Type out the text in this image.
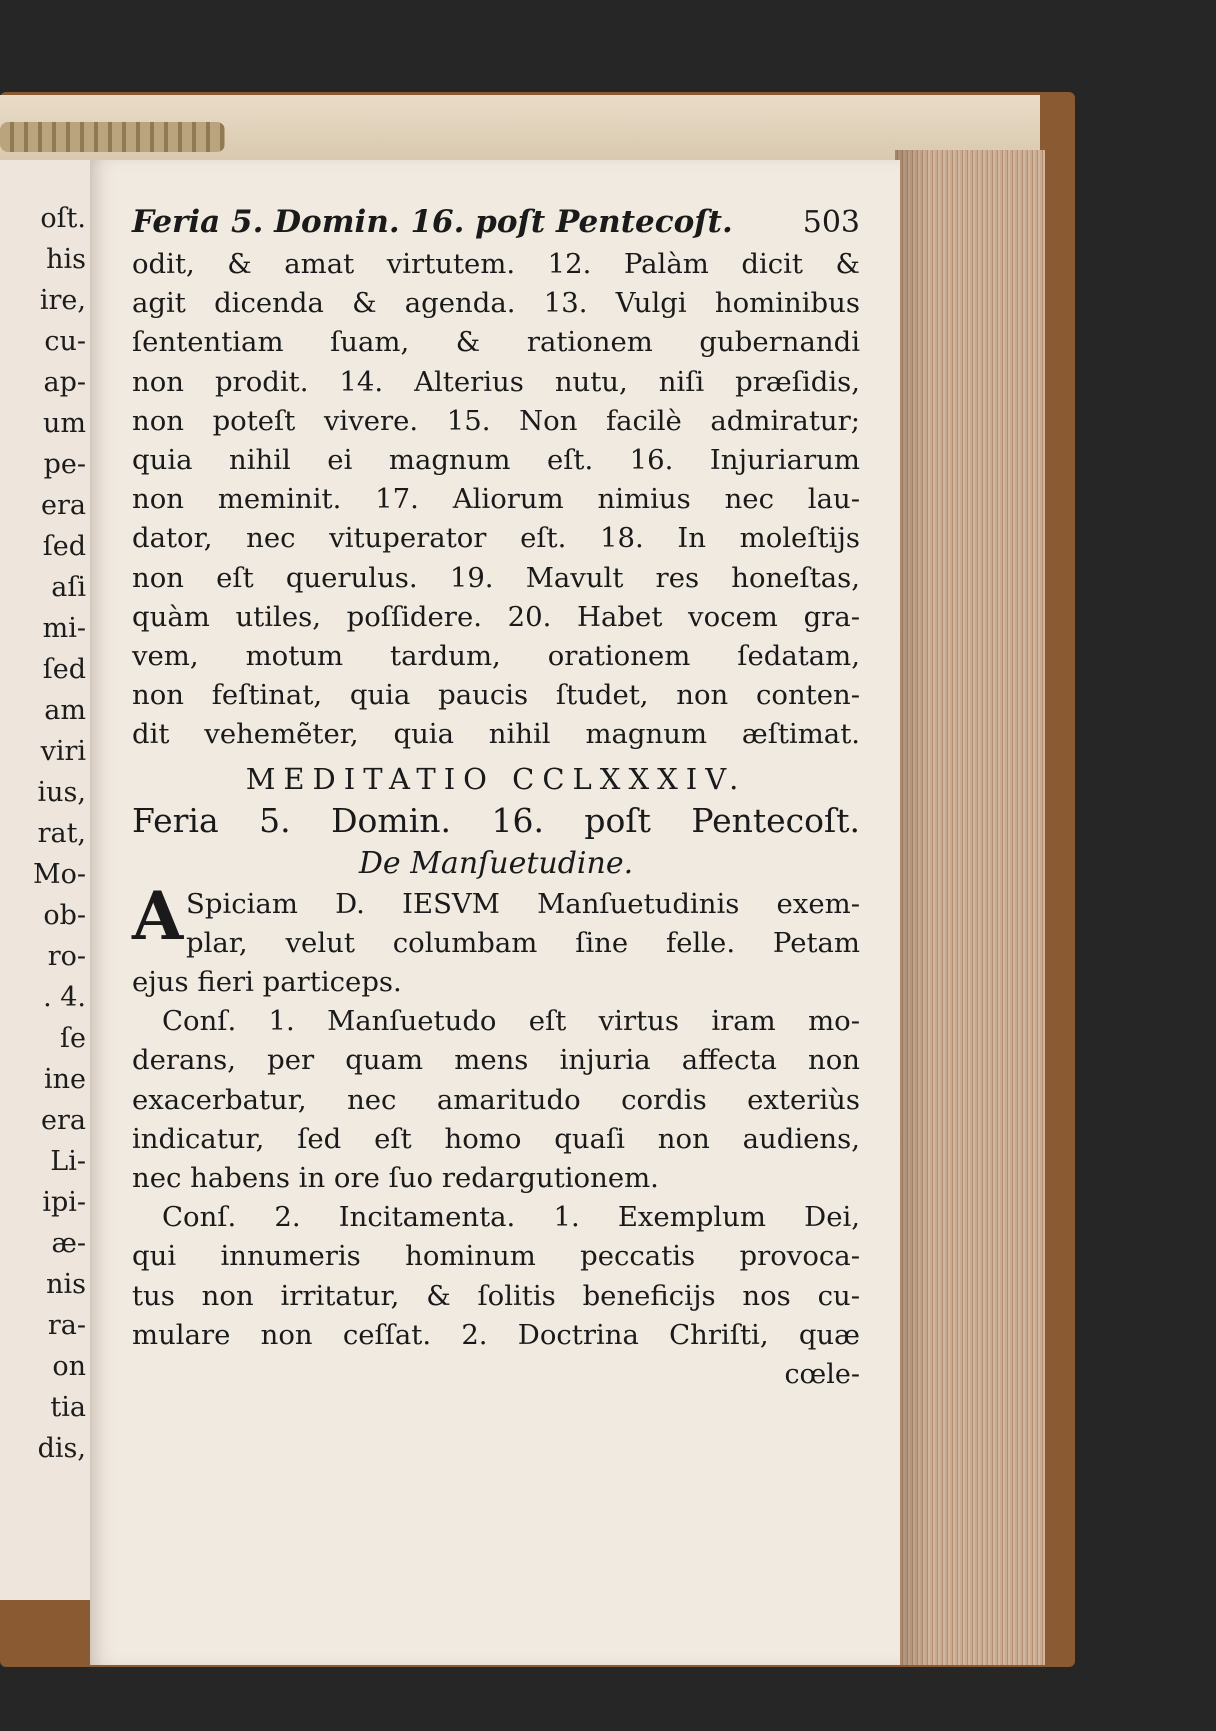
oſt.
his
ire,
cu-
ap-
um
pe-
era
ſed
aſi
mi-
ſed
am
viri
ius,
rat,
Mo-
ob-
ro-
. 4.
ſe
ine
era
Li-
ipi-
æ-
nis
ra-
on
tia
dis,
Feria 5. Domin. 16. poſt Pentecoſt. 503
odit, & amat virtutem. 12. Palàm dicit &
agit dicenda & agenda. 13. Vulgi hominibus
ſententiam ſuam, & rationem gubernandi
non prodit. 14. Alterius nutu, niſi præſidis,
non poteſt vivere. 15. Non facilè admiratur;
quia nihil ei magnum eſt. 16. Injuriarum
non meminit. 17. Aliorum nimius nec lau-
dator, nec vituperator eſt. 18. In moleſtijs
non eſt querulus. 19. Mavult res honeſtas,
quàm utiles, poſſidere. 20. Habet vocem gra-
vem, motum tardum, orationem ſedatam,
non feſtinat, quia paucis ſtudet, non conten-
dit vehemẽter, quia nihil magnum æſtimat.
MEDITATIO CCLXXXIV.
Feria 5. Domin. 16. poſt Pentecoſt.
De Manſuetudine.
A Spiciam D. IESVM Manſuetudinis exem-
plar, velut columbam ſine felle. Petam
ejus fieri particeps.
Conſ. 1. Manſuetudo eſt virtus iram mo-
derans, per quam mens injuria affecta non
exacerbatur, nec amaritudo cordis exteriùs
indicatur, ſed eſt homo quaſi non audiens,
nec habens in ore ſuo redargutionem.
Conſ. 2. Incitamenta. 1. Exemplum Dei,
qui innumeris hominum peccatis provoca-
tus non irritatur, & ſolitis beneficijs nos cu-
mulare non ceſſat. 2. Doctrina Chriſti, quæ
cœle-
